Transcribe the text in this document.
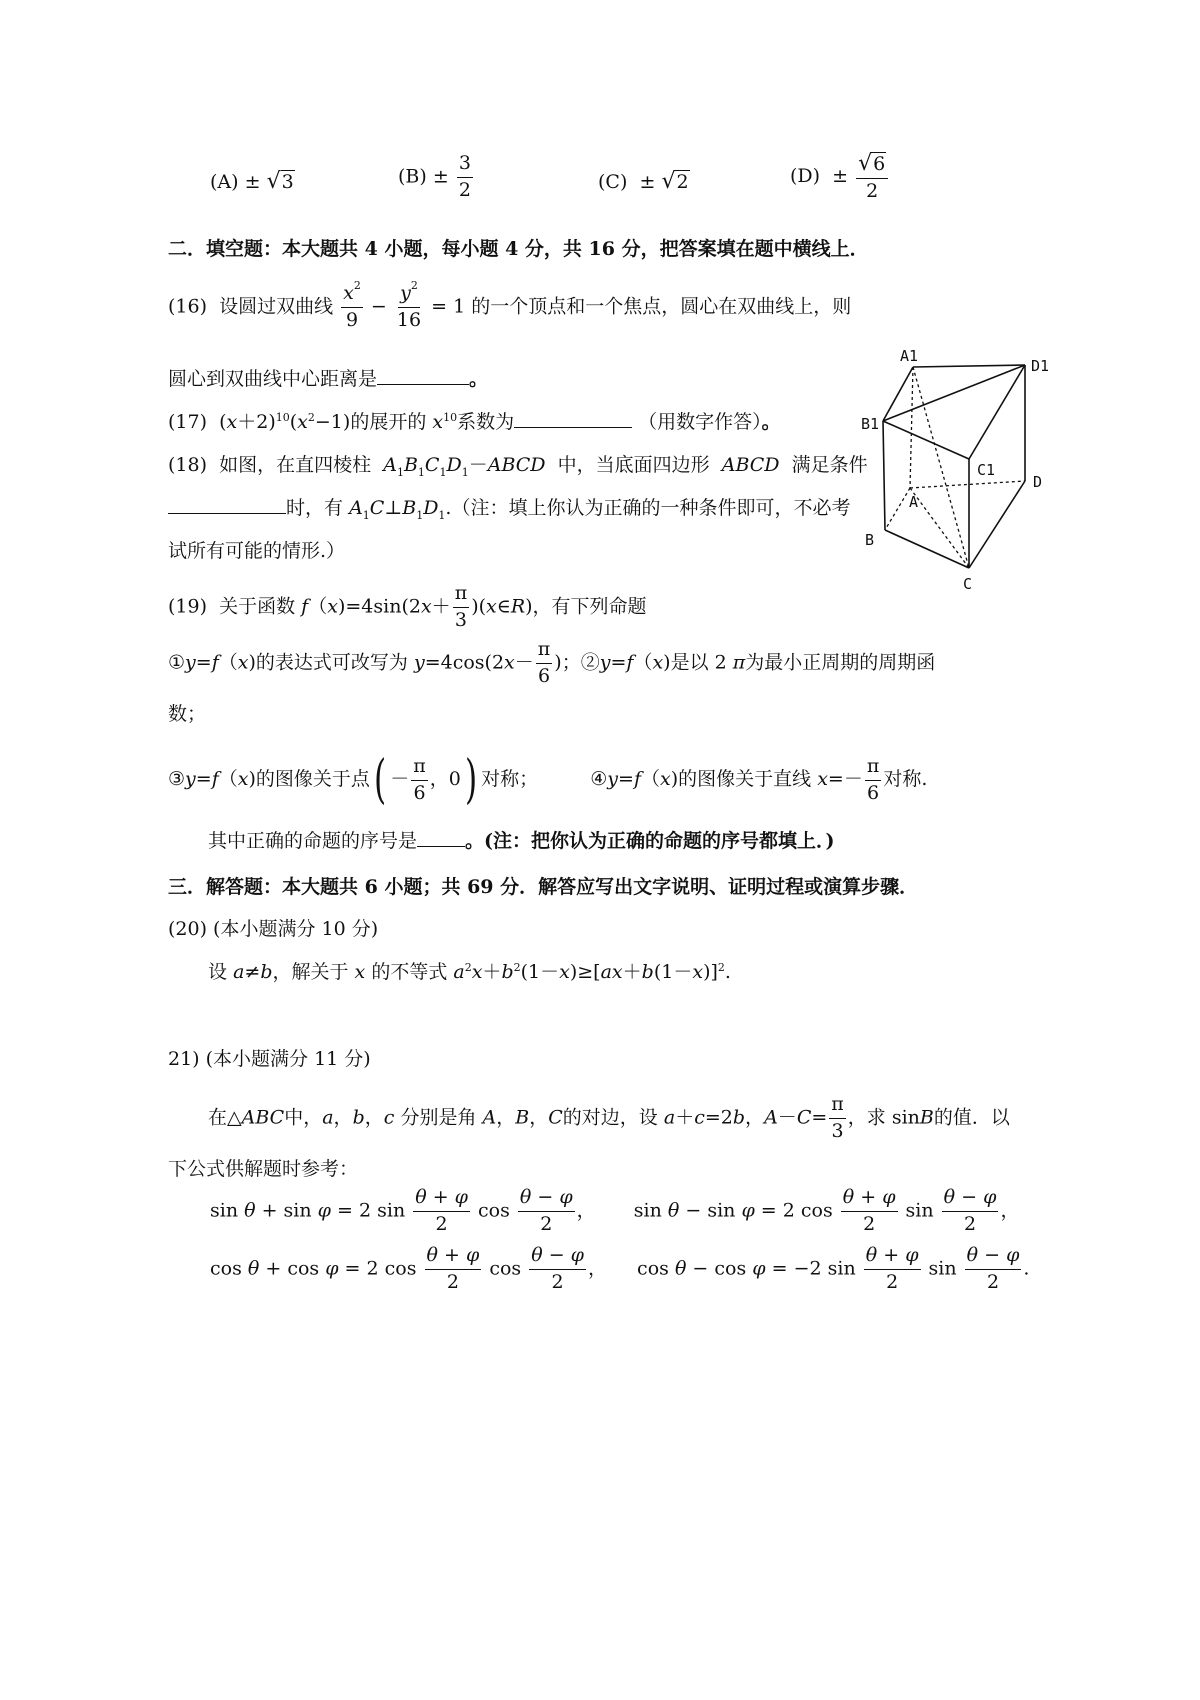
(A) ± √3	$(B) \pm \frac{3}{2}$	(C) ± √2	$(D) \pm \frac{√6}{2}$
二．填空题：本大题共 4 小题，每小题 4 分，共 16 分，把答案填在题中横线上．
(16) 设圆过双曲线 $\frac{x^2}{9} - \frac{y^2}{16} = 1$ 的一个顶点和一个焦点，圆心在双曲线上，则
圆心到双曲线中心距离是	。
(17)  $(x+2)^{10}(x^2-1)$的展开的 $x^{10}$系数为	（用数字作答）。
(18) 如图，在直四棱柱 $A_1B_1C_1D_1-ABCD$ 中，当底面四边形 ABCD 满足条件
时，有 $A_1C\perp B_1D_1$.（注：填上你认为正确的一种条件即可，不必考
试所有可能的情形.）
A1
D1
B1
C1
A
D
B
C
(19) 关于函数 $f(x)=4\sin(2x+ \frac{\pi}{3}$ )(x∈R)，有下列命题
①y=f（x)的表达式可改写为 $y=4\cos(2x- \frac{\pi}{6}$ )；②y=f（x)是以 2 π为最小正周期的周期函
数；
③y=f（x)的图像关于点( － $\frac{\pi}{6}$ ，0) 对称；	④y=f（x)的图像关于直线 $x=- \frac{\pi}{6}$ 对称.
其中正确的命题的序号是	。(注：把你认为正确的命题的序号都填上．)
三．解答题：本大题共 6 小题；共 69 分．解答应写出文字说明、证明过程或演算步骤．
(20) (本小题满分 10 分)
设 a≠b，解关于 x 的不等式 $a^2x+b^2(1-x)\ge[ax+b(1-x)]^2$.
21) (本小题满分 11 分)
在△ABC中，a，b，c 分别是角 A，B，C的对边，设 a＋c=2b，$A-C= \frac{\pi}{3}$ ，求 sinB的值．以
下公式供解题时参考：
sin θ + sin φ = 2 $\sin \frac{\theta + \varphi}{2}$ $\cos \frac{\theta - \varphi}{2}$ ，  sin θ − sin φ = 2 $\cos \frac{\theta + \varphi}{2}$ $\sin \frac{\theta - \varphi}{2}$ ，
cos θ + cos φ = 2 $\cos \frac{\theta + \varphi}{2}$ $\cos \frac{\theta - \varphi}{2}$ ，  cos θ − cos φ = −2 $\sin \frac{\theta + \varphi}{2}$ $\sin \frac{\theta - \varphi}{2}$ .
